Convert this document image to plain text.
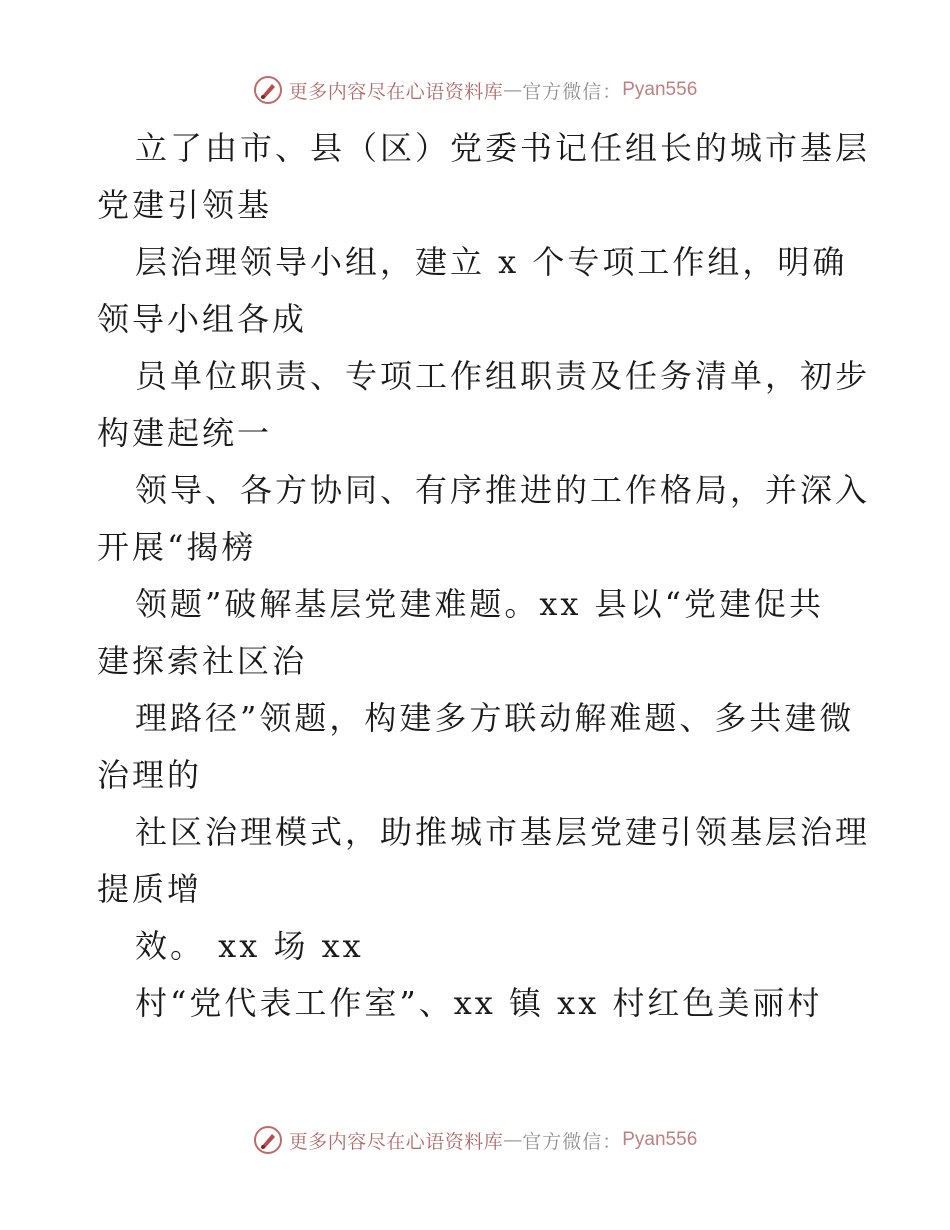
更多内容尽在心语资料库 — 官方微信： Pyan556
立了由市、县（区）党委书记任组长的城市基层
党建引领基
层治理领导小组，建立 x 个专项工作组，明确
领导小组各成
员单位职责、专项工作组职责及任务清单，初步
构建起统一
领导、各方协同、有序推进的工作格局，并深入
开展“揭榜
领题”破解基层党建难题。xx 县以“党建促共
建探索社区治
理路径”领题，构建多方联动解难题、多共建微
治理的
社区治理模式，助推城市基层党建引领基层治理
提质增
效。 xx 场 xx
村“党代表工作室”、xx 镇 xx 村红色美丽村
更多内容尽在心语资料库 — 官方微信： Pyan556
